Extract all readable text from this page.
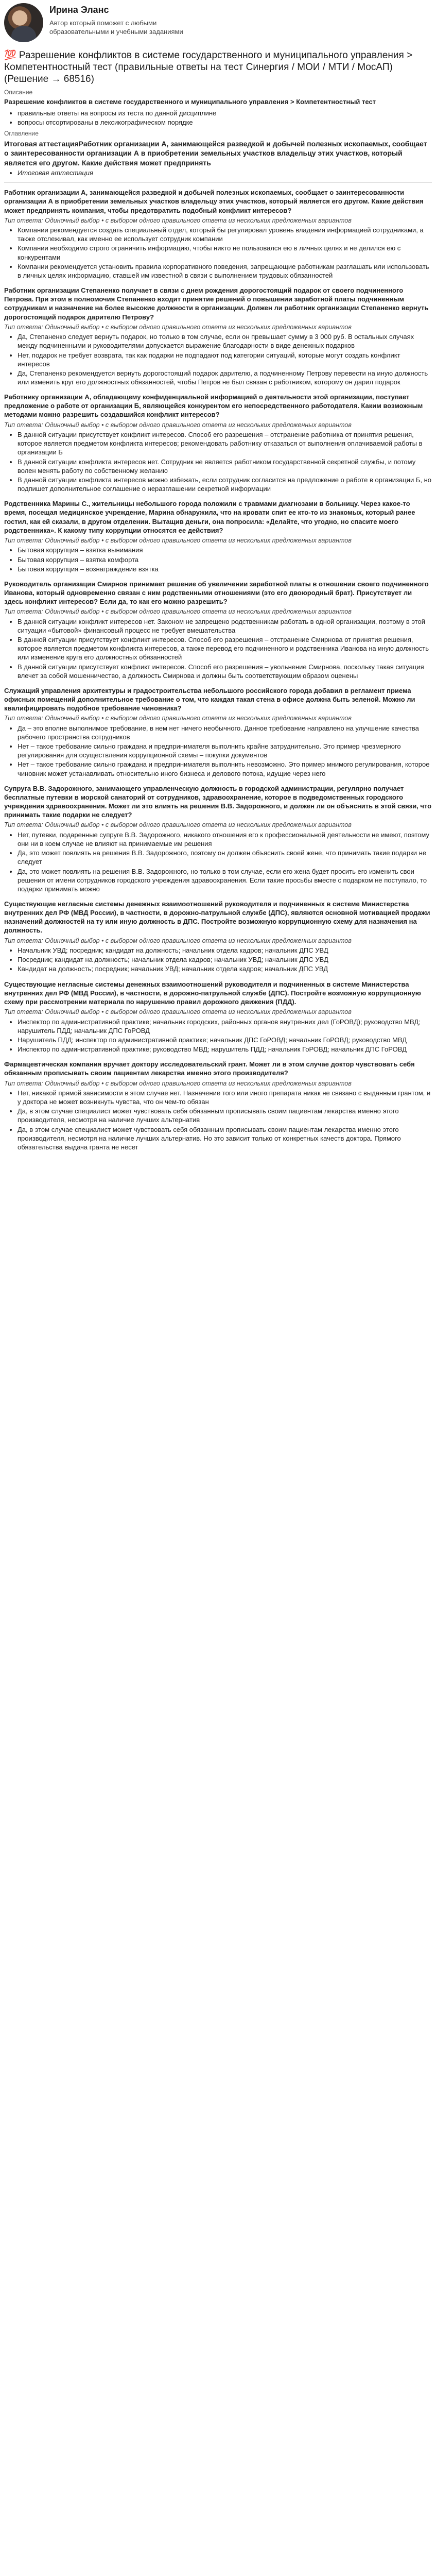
Ирина Эланс
Автор который поможет с любыми образовательными и учебными заданиями
💯 Разрешение конфликтов в системе государственного и муниципального управления > Компетентностный тест (правильные ответы на тест Синергия / МОИ / МТИ / МосАП) (Решение → 68516)
Описание
Разрешение конфликтов в системе государственного и муниципального управления > Компетентностный тест
• правильные ответы на вопросы из теста по данной дисциплине
• вопросы отсортированы в лексикографическом порядке
Оглавление
Итоговая аттестацияРаботник организации А, занимающейся разведкой и добычей полезных ископаемых, сообщает о заинтересованности организации А в приобретении земельных участков владельцу этих участков, который является его другом. Какие действия может предпринять
• Итоговая аттестация
Работник организации А, занимающейся разведкой и добычей полезных ископаемых, сообщает о заинтересованности организации А в приобретении земельных участков владельцу этих участков, который является его другом. Какие действия может предпринять компания, чтобы предотвратить подобный конфликт интересов?
Тип ответа: Одиночный выбор • с выбором одного правильного ответа из нескольких предложенных вариантов
• Компании рекомендуется создать специальный отдел, который бы регулировал уровень владения информацией сотрудниками, а также отслеживал, как именно ее использует сотрудник компании
• Компании необходимо строго ограничить информацию, чтобы никто не пользовался ею в личных целях и не делился ею с конкурентами
• Компании рекомендуется установить правила корпоративного поведения, запрещающие работникам разглашать или использовать в личных целях информацию, ставшей им известной в связи с выполнением трудовых обязанностей
Работник организации Степаненко получает в связи с днем рождения дорогостоящий подарок от своего подчиненного Петрова. При этом в полномочия Степаненко входит принятие решений о повышении заработной платы подчиненным сотрудникам и назначение на более высокие должности в организации. Должен ли работник организации Степаненко вернуть дорогостоящий подарок дарителю Петрову?
Тип ответа: Одиночный выбор • с выбором одного правильного ответа из нескольких предложенных вариантов
• Да, Степаненко следует вернуть подарок, но только в том случае, если он превышает сумму в 3 000 руб. В остальных случаях между подчиненными и руководителями допускается выражение благодарности в виде денежных подарков
• Нет, подарок не требует возврата, так как подарки не подпадают под категории ситуаций, которые могут создать конфликт интересов
• Да, Степаненко рекомендуется вернуть дорогостоящий подарок дарителю, а подчиненному Петрову перевести на иную должность или изменить круг его должностных обязанностей, чтобы Петров не был связан с работником, которому он дарил подарок
Работнику организации А, обладающему конфиденциальной информацией о деятельности этой организации, поступает предложение о работе от организации Б, являющейся конкурентом его непосредственного работодателя. Каким возможным методами можно разрешить создавшийся конфликт интересов?
Тип ответа: Одиночный выбор • с выбором одного правильного ответа из нескольких предложенных вариантов
• В данной ситуации присутствует конфликт интересов. Способ его разрешения – отстранение работника от принятия решения, которое является предметом конфликта интересов; рекомендовать работнику отказаться от выполнения оплачиваемой работы в организации Б
• В данной ситуации конфликта интересов нет. Сотрудник не является работником государственной секретной службы, и потому волен менять работу по собственному желанию
• В данной ситуации конфликта интересов можно избежать, если сотрудник согласится на предложение о работе в организации Б, но подпишет дополнительное соглашение о неразглашении секретной информации
Родственника Марины С., жительницы небольшого города положили с травмами диагнозами в больницу. Через какое-то время, посещая медицинское учреждение, Марина обнаружила, что на кровати спит ее кто-то из знакомых, который ранее гостил, как ей сказали, в другом отделении. Вытащив деньги, она попросила: «Делайте, что угодно, но спасите моего родственника». К какому типу коррупции относятся ее действия?
Тип ответа: Одиночный выбор • с выбором одного правильного ответа из нескольких предложенных вариантов
• Бытовая коррупция – взятка вынимания
• Бытовая коррупция – взятка комфорта
• Бытовая коррупция – вознаграждение взятка
Руководитель организации Смирнов принимает решение об увеличении заработной платы в отношении своего подчиненного Иванова, который одновременно связан с ним родственными отношениями (это его двоюродный брат). Присутствует ли здесь конфликт интересов? Если да, то как его можно разрешить?
Тип ответа: Одиночный выбор • с выбором одного правильного ответа из нескольких предложенных вариантов
• В данной ситуации конфликт интересов нет. Законом не запрещено родственникам работать в одной организации, поэтому в этой ситуации «бытовой» финансовый процесс не требует вмешательства
• В данной ситуации присутствует конфликт интересов. Способ его разрешения – отстранение Смирнова от принятия решения, которое является предметом конфликта интересов, а также перевод его подчиненного и родственника Иванова на иную должность или изменение круга его должностных обязанностей
• В данной ситуации присутствует конфликт интересов. Способ его разрешения – увольнение Смирнова, поскольку такая ситуация влечет за собой мошенничество, а должность Смирнова и должны быть соответствующим образом оценены
Служащий управления архитектуры и градостроительства небольшого российского города добавил в регламент приема офисных помещений дополнительное требование о том, что каждая такая стена в офисе должна быть зеленой. Можно ли квалифицировать подобное требование чиновника?
Тип ответа: Одиночный выбор • с выбором одного правильного ответа из нескольких предложенных вариантов
• Да – это вполне выполнимое требование, в нем нет ничего необычного. Данное требование направлено на улучшение качества рабочего пространства сотрудников
• Нет – такое требование сильно граждана и предпринимателя выполнить крайне затруднительно. Это пример чрезмерного регулирования для осуществления коррупционной схемы – покупки документов
• Нет – такое требование сильно граждана и предпринимателя выполнить невозможно. Это пример мнимого регулирования, которое чиновник может устанавливать относительно иного бизнеса и делового потока, идущие через него
Супруга В.В. Задорожного, занимающего управленческую должность в городской администрации, регулярно получает бесплатные путевки в морской санаторий от сотрудников, здравоохранение, которое в подведомственных городского учреждения здравоохранения. Может ли это влиять на решения В.В. Задорожного, и должен ли он объяснить в этой связи, что принимать такие подарки не следует?
Тип ответа: Одиночный выбор • с выбором одного правильного ответа из нескольких предложенных вариантов
• Нет, путевки, подаренные супруге В.В. Задорожного, никакого отношения его к профессиональной деятельности не имеют, поэтому они ни в коем случае не влияют на принимаемые им решения
• Да, это может повлиять на решения В.В. Задорожного, поэтому он должен объяснить своей жене, что принимать такие подарки не следует
• Да, это может повлиять на решения В.В. Задорожного, но только в том случае, если его жена будет просить его изменить свои решения от имени сотрудников городского учреждения здравоохранения. Если такие просьбы вместе с подарком не поступало, то подарки принимать можно
Существующие негласные системы денежных взаимоотношений руководителя и подчиненных в системе Министерства внутренних дел РФ (МВД России), в частности, в дорожно-патрульной службе (ДПС), являются основной мотивацией продажи назначений должностей на ту или иную должность в ДПС. Постройте возможную коррупционную схему для назначения на должность.
Тип ответа: Одиночный выбор • с выбором одного правильного ответа из нескольких предложенных вариантов
• Начальник УВД; посредник; кандидат на должность; начальник отдела кадров; начальник ДПС УВД
• Посредник; кандидат на должность; начальник отдела кадров; начальник УВД; начальник ДПС УВД
• Кандидат на должность; посредник; начальник УВД; начальник отдела кадров; начальник ДПС УВД
Существующие негласные системы денежных взаимоотношений руководителя и подчиненных в системе Министерства внутренних дел РФ (МВД России), в частности, в дорожно-патрульной службе (ДПС). Постройте возможную коррупционную схему при рассмотрении материала по нарушению правил дорожного движения (ПДД).
Тип ответа: Одиночный выбор • с выбором одного правильного ответа из нескольких предложенных вариантов
• Инспектор по административной практике; начальник городских, районных органов внутренних дел (ГоРОВД); руководство МВД; нарушитель ПДД; начальник ДПС ГоРОВД
• Нарушитель ПДД; инспектор по административной практике; начальник ДПС ГоРОВД; начальник ГоРОВД; руководство МВД
• Инспектор по административной практике; руководство МВД; нарушитель ПДД; начальник ГоРОВД; начальник ДПС ГоРОВД
Фармацевтическая компания вручает доктору исследовательский грант. Может ли в этом случае доктор чувствовать себя обязанным прописывать своим пациентам лекарства именно этого производителя?
Тип ответа: Одиночный выбор • с выбором одного правильного ответа из нескольких предложенных вариантов
• Нет, никакой прямой зависимости в этом случае нет. Назначение того или иного препарата никак не связано с выданным грантом, и у доктора не может возникнуть чувства, что он чем-то обязан
• Да, в этом случае специалист может чувствовать себя обязанным прописывать своим пациентам лекарства именно этого производителя, несмотря на наличие лучших альтернатив
• Да, в этом случае специалист может чувствовать себя обязанным прописывать своим пациентам лекарства именно этого производителя, несмотря на наличие лучших альтернатив. Но это зависит только от конкретных качеств доктора. Прямого обязательства выдача гранта не несет
